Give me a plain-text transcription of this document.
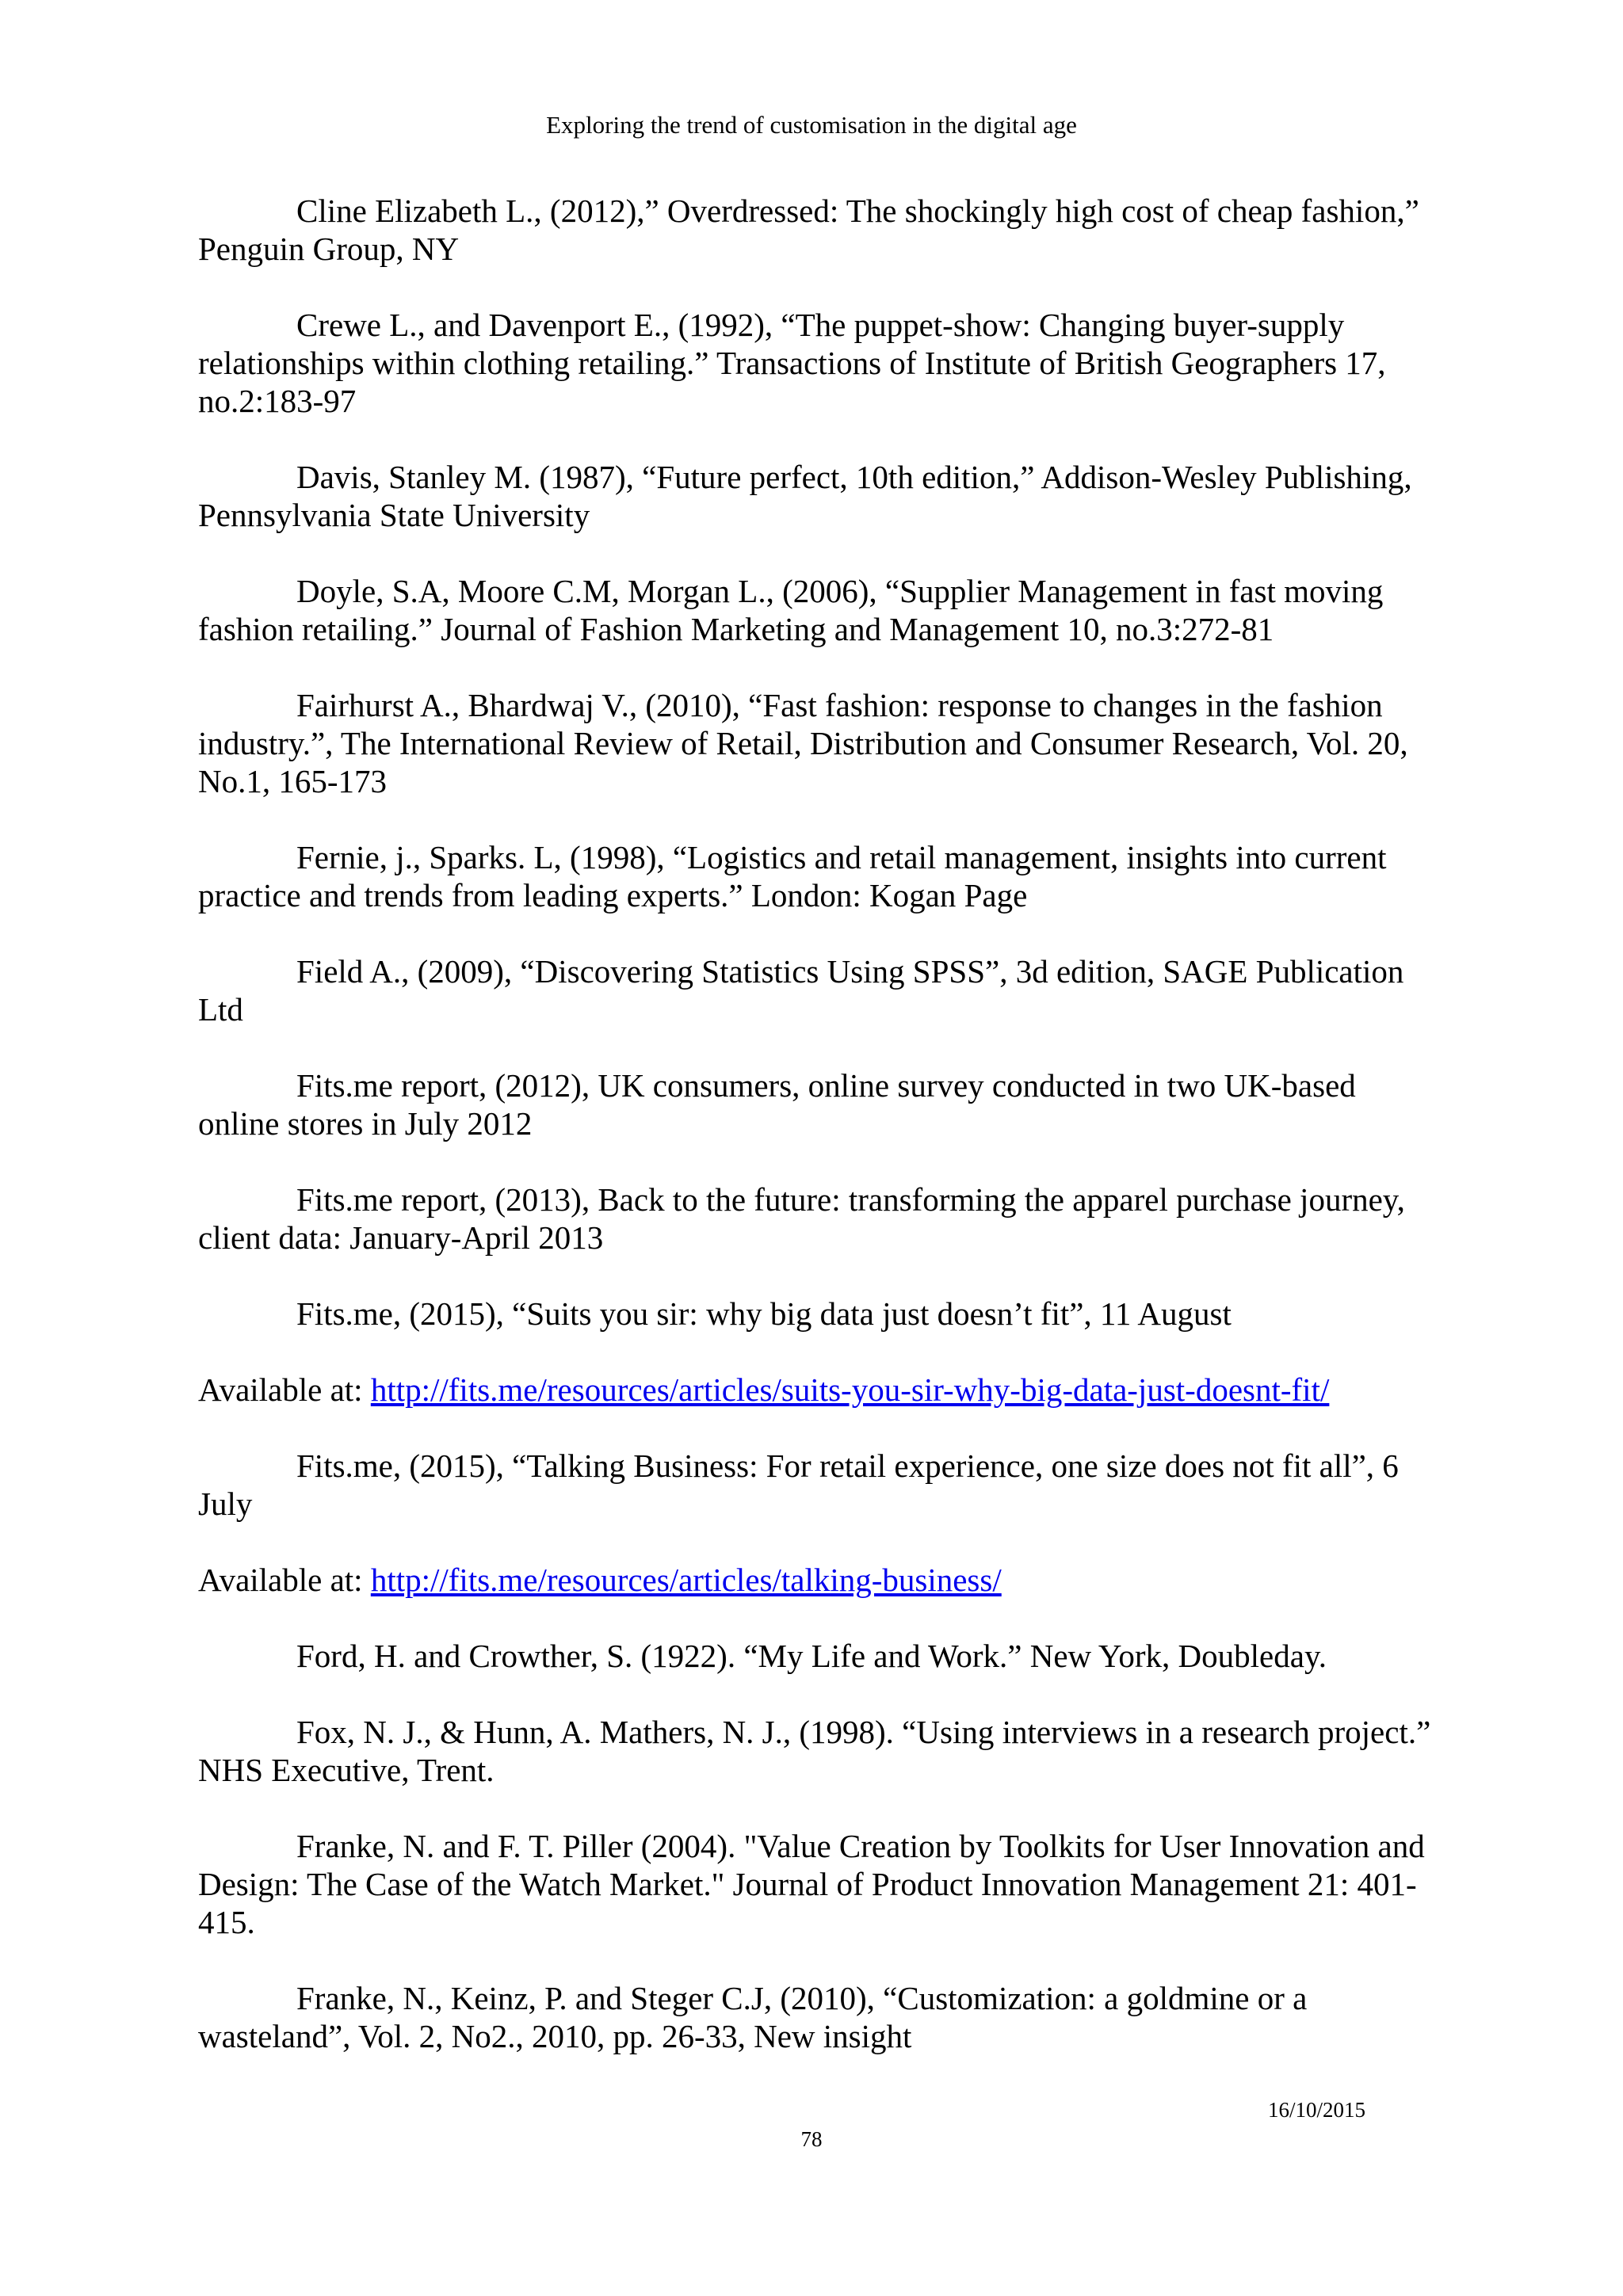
Exploring the trend of customisation in the digital age

Cline Elizabeth L., (2012),” Overdressed: The shockingly high cost of cheap fashion,” Penguin Group, NY

Crewe L., and Davenport E., (1992), “The puppet-show: Changing buyer-supply relationships within clothing retailing.” Transactions of Institute of British Geographers 17, no.2:183-97

Davis, Stanley M. (1987), “Future perfect, 10th edition,” Addison-Wesley Publishing, Pennsylvania State University

Doyle, S.A, Moore C.M, Morgan L., (2006), “Supplier Management in fast moving fashion retailing.” Journal of Fashion Marketing and Management 10, no.3:272-81

Fairhurst A., Bhardwaj V., (2010), “Fast fashion: response to changes in the fashion industry.”, The International Review of Retail, Distribution and Consumer Research, Vol. 20, No.1, 165-173

Fernie, j., Sparks. L, (1998), “Logistics and retail management, insights into current practice and trends from leading experts.” London: Kogan Page

Field A., (2009), “Discovering Statistics Using SPSS”, 3d edition, SAGE Publication Ltd

Fits.me report, (2012), UK consumers, online survey conducted in two UK-based online stores in July 2012

Fits.me report, (2013), Back to the future: transforming the apparel purchase journey, client data: January-April 2013

Fits.me, (2015), “Suits you sir: why big data just doesn’t fit”, 11 August

Available at: http://fits.me/resources/articles/suits-you-sir-why-big-data-just-doesnt-fit/

Fits.me, (2015), “Talking Business: For retail experience, one size does not fit all”, 6 July

Available at: http://fits.me/resources/articles/talking-business/

Ford, H. and Crowther, S. (1922). “My Life and Work.” New York, Doubleday.

Fox, N. J., & Hunn, A. Mathers, N. J., (1998). “Using interviews in a research project.” NHS Executive, Trent.

Franke, N. and F. T. Piller (2004). "Value Creation by Toolkits for User Innovation and Design: The Case of the Watch Market." Journal of Product Innovation Management 21: 401- 415.

Franke, N., Keinz, P. and Steger C.J, (2010), “Customization: a goldmine or a wasteland”, Vol. 2, No2., 2010, pp. 26-33, New insight

16/10/2015
78
